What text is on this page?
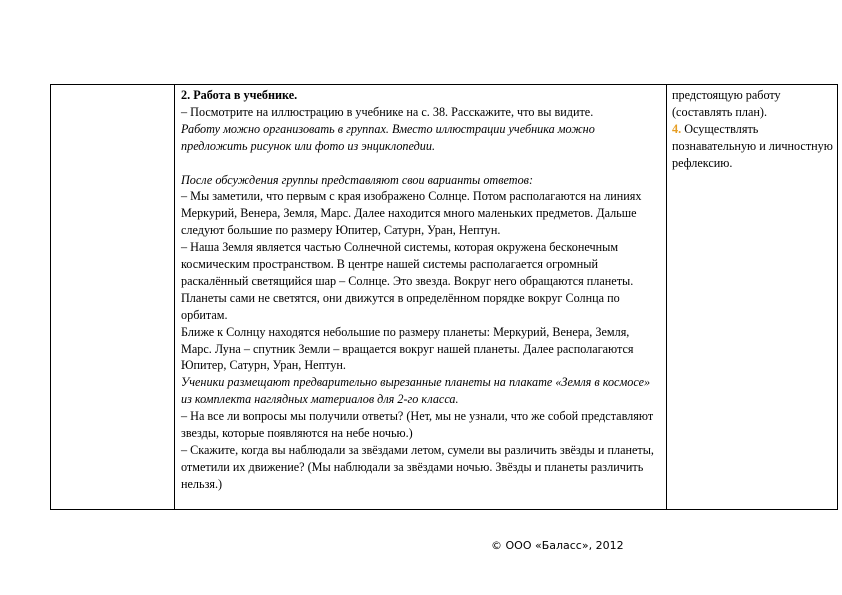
2. Работа в учебнике.

– Посмотрите на иллюстрацию в учебнике на с. 38. Расскажите, что вы видите.

Работу можно организовать в группах. Вместо иллюстрации учебника можно предложить рисунок или фото из энциклопедии.

После обсуждения группы представляют свои варианты ответов:

– Мы заметили, что первым с края изображено Солнце. Потом располагаются на линиях Меркурий, Венера, Земля, Марс. Далее находится много маленьких предметов. Дальше следуют большие по размеру Юпитер, Сатурн, Уран, Нептун.

– Наша Земля является частью Солнечной системы, которая окружена бесконечным космическим пространством. В центре нашей системы располагается огромный раскалённый светящийся шар – Солнце. Это звезда. Вокруг него обращаются планеты. Планеты сами не светятся, они движутся в определённом порядке вокруг Солнца по орбитам.

Ближе к Солнцу находятся небольшие по размеру планеты: Меркурий, Венера, Земля, Марс. Луна – спутник Земли – вращается вокруг нашей планеты. Далее располагаются Юпитер, Сатурн, Уран, Нептун.

Ученики размещают предварительно вырезанные планеты на плакате «Земля в космосе» из комплекта наглядных материалов для 2-го класса.

– На все ли вопросы мы получили ответы? (Нет, мы не узнали, что же собой представляют звезды, которые появляются на небе ночью.)

– Скажите, когда вы наблюдали за звёздами летом, сумели вы различить звёзды и планеты, отметили их движение? (Мы наблюдали за звёздами ночью. Звёзды и планеты различить нельзя.)

предстоящую работу (составлять план).

4. Осуществлять познавательную и личностную рефлексию.

© ООО «Баласс», 2012
